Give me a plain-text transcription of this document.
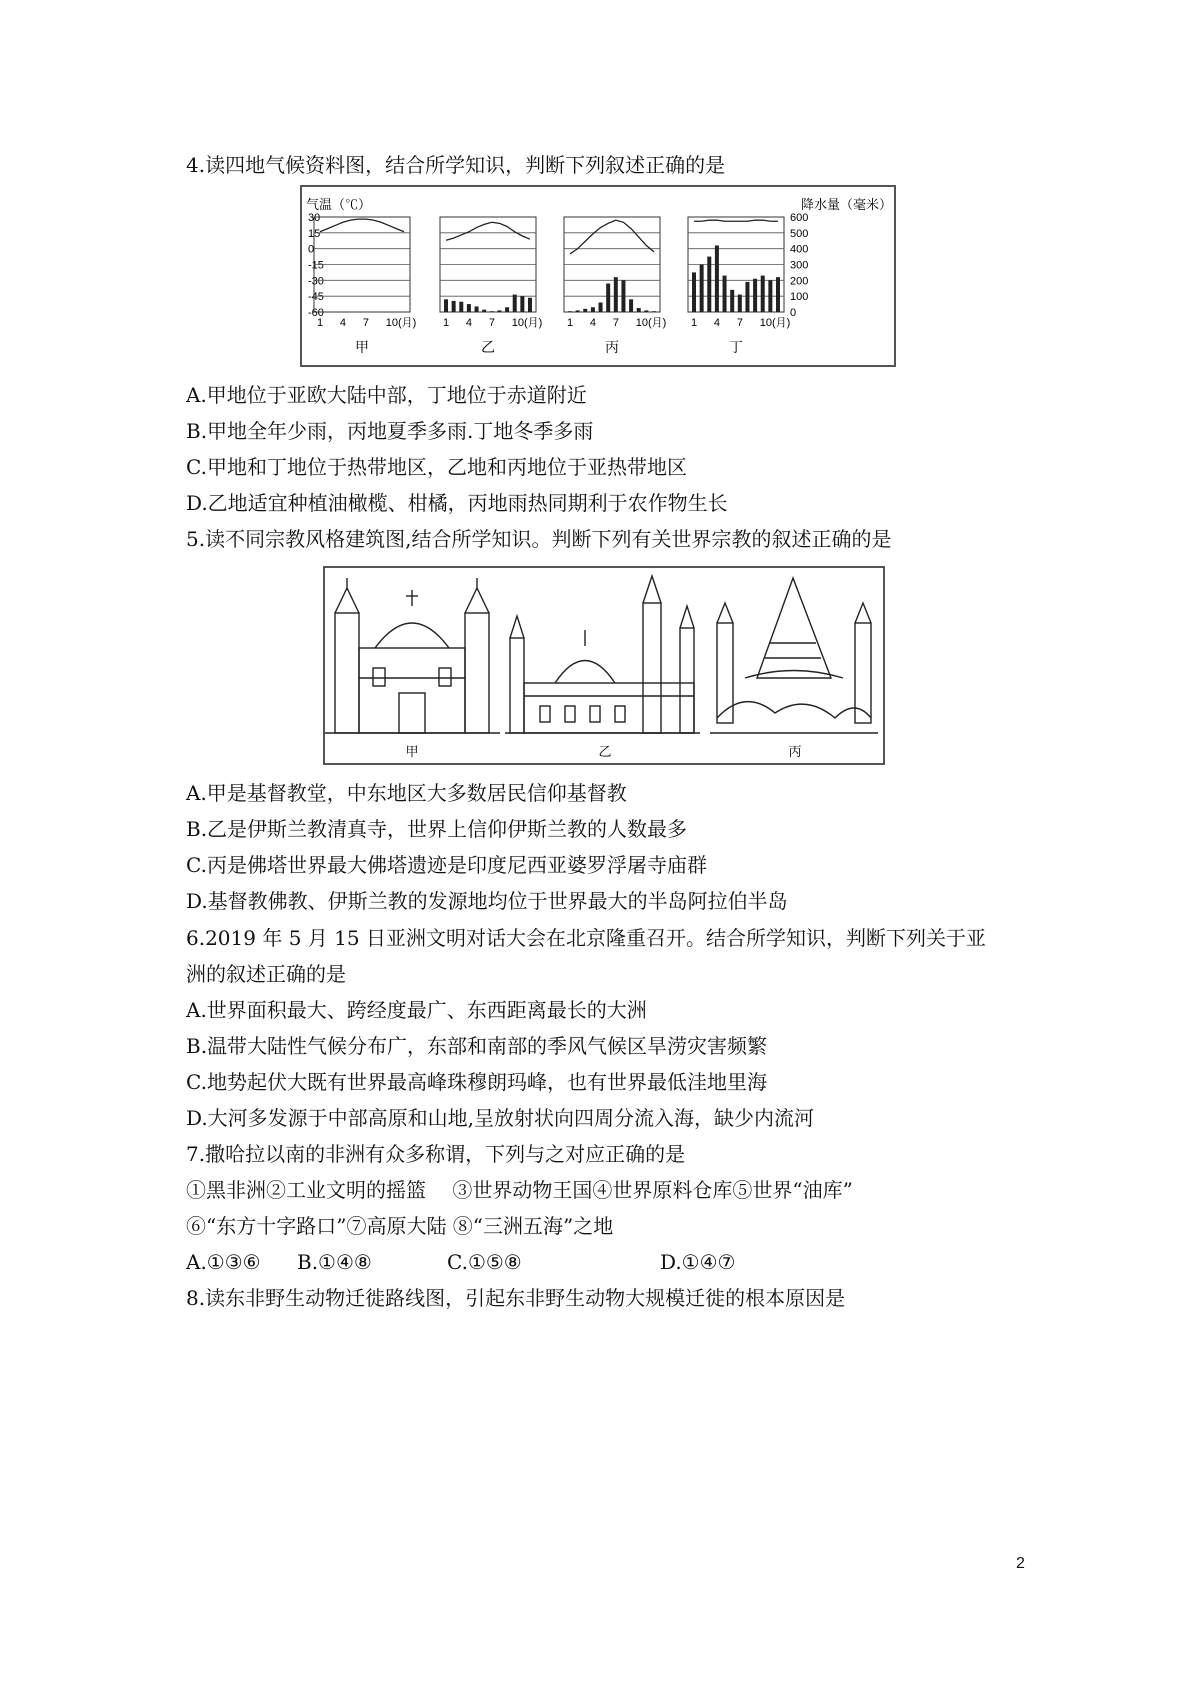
4.读四地气候资料图，结合所学知识，判断下列叙述正确的是
气温（℃）	降水量（毫米）
30
15
0
-15
-30
-45
-60
600
500
400
300
200
100
0
1 4 7 10(月)
甲
1 4 7 10(月)
乙
1 4 7 10(月)
丙
1 4 7 10(月)
丁
A.甲地位于亚欧大陆中部，丁地位于赤道附近
B.甲地全年少雨，丙地夏季多雨.丁地冬季多雨
C.甲地和丁地位于热带地区，乙地和丙地位于亚热带地区
D.乙地适宜种植油橄榄、柑橘，丙地雨热同期利于农作物生长
5.读不同宗教风格建筑图,结合所学知识。判断下列有关世界宗教的叙述正确的是
甲	乙	丙
A.甲是基督教堂，中东地区大多数居民信仰基督教
B.乙是伊斯兰教清真寺，世界上信仰伊斯兰教的人数最多
C.丙是佛塔世界最大佛塔遗迹是印度尼西亚婆罗浮屠寺庙群
D.基督教佛教、伊斯兰教的发源地均位于世界最大的半岛阿拉伯半岛
6.2019 年 5 月 15 日亚洲文明对话大会在北京隆重召开。结合所学知识，判断下列关于亚
洲的叙述正确的是
A.世界面积最大、跨经度最广、东西距离最长的大洲
B.温带大陆性气候分布广，东部和南部的季风气候区旱涝灾害频繁
C.地势起伏大既有世界最高峰珠穆朗玛峰，也有世界最低洼地里海
D.大河多发源于中部高原和山地,呈放射状向四周分流入海，缺少内流河
7.撒哈拉以南的非洲有众多称谓，下列与之对应正确的是
①黑非洲②工业文明的摇篮 　③世界动物王国④世界原料仓库⑤世界“油库”
⑥“东方十字路口”⑦高原大陆 ⑧“三洲五海”之地
A.①③⑥ B.①④⑧	C.①⑤⑧	D.①④⑦
8.读东非野生动物迁徙路线图，引起东非野生动物大规模迁徙的根本原因是
2
